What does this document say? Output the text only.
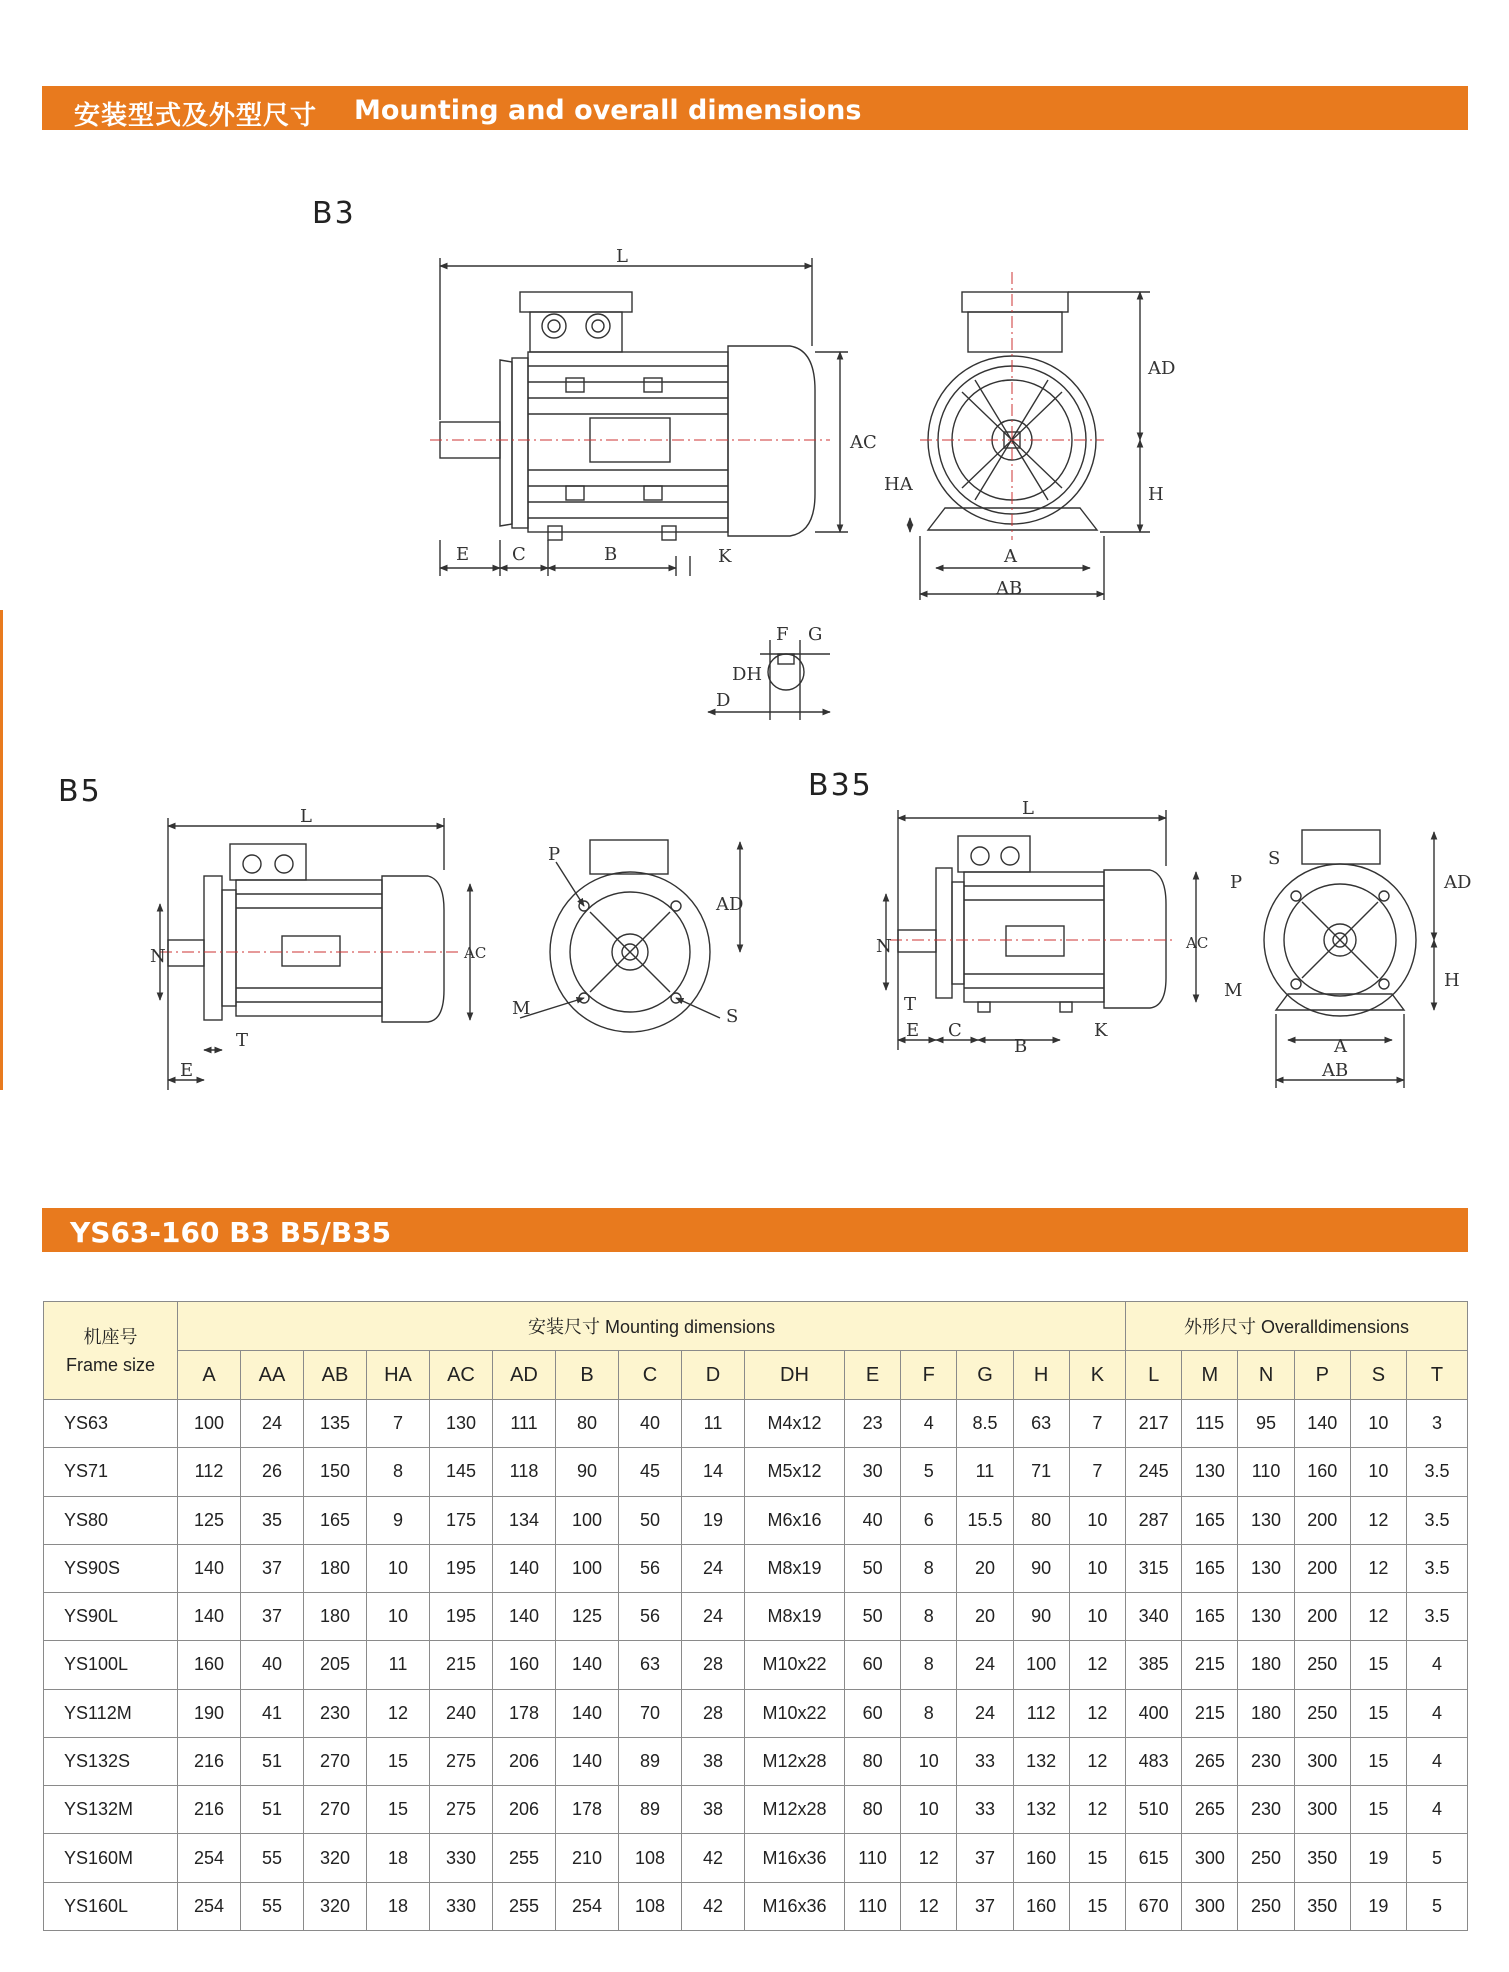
安装型式及外型尺寸 Mounting and overall dimensions
B3
B5	B35
L
AC
AD
HA	H
E C	B	K	A
AB
F G
DH
D
L
N	AC
T
E
P
AD
M	S
L
N	AC
T
E C
B
K
S
P
M
AD
H
A
AB
YS63-160 B3 B5/B35
机座号
Frame size	安装尺寸 Mounting dimensions															外形尺寸 Overalldimensions					
	A	AA	AB	HA	AC	AD	B	C	D	DH	E	F	G	H	K	L	M	N	P	S	T
YS63	100	24	135	7	130	111	80	40	11	M4x12	23	4	8.5	63	7	217	115	95	140	10	3
YS71	112	26	150	8	145	118	90	45	14	M5x12	30	5	11	71	7	245	130	110	160	10	3.5
YS80	125	35	165	9	175	134	100	50	19	M6x16	40	6	15.5	80	10	287	165	130	200	12	3.5
YS90S	140	37	180	10	195	140	100	56	24	M8x19	50	8	20	90	10	315	165	130	200	12	3.5
YS90L	140	37	180	10	195	140	125	56	24	M8x19	50	8	20	90	10	340	165	130	200	12	3.5
YS100L	160	40	205	11	215	160	140	63	28	M10x22	60	8	24	100	12	385	215	180	250	15	4
YS112M	190	41	230	12	240	178	140	70	28	M10x22	60	8	24	112	12	400	215	180	250	15	4
YS132S	216	51	270	15	275	206	140	89	38	M12x28	80	10	33	132	12	483	265	230	300	15	4
YS132M	216	51	270	15	275	206	178	89	38	M12x28	80	10	33	132	12	510	265	230	300	15	4
YS160M	254	55	320	18	330	255	210	108	42	M16x36	110	12	37	160	15	615	300	250	350	19	5
YS160L	254	55	320	18	330	255	254	108	42	M16x36	110	12	37	160	15	670	300	250	350	19	5
